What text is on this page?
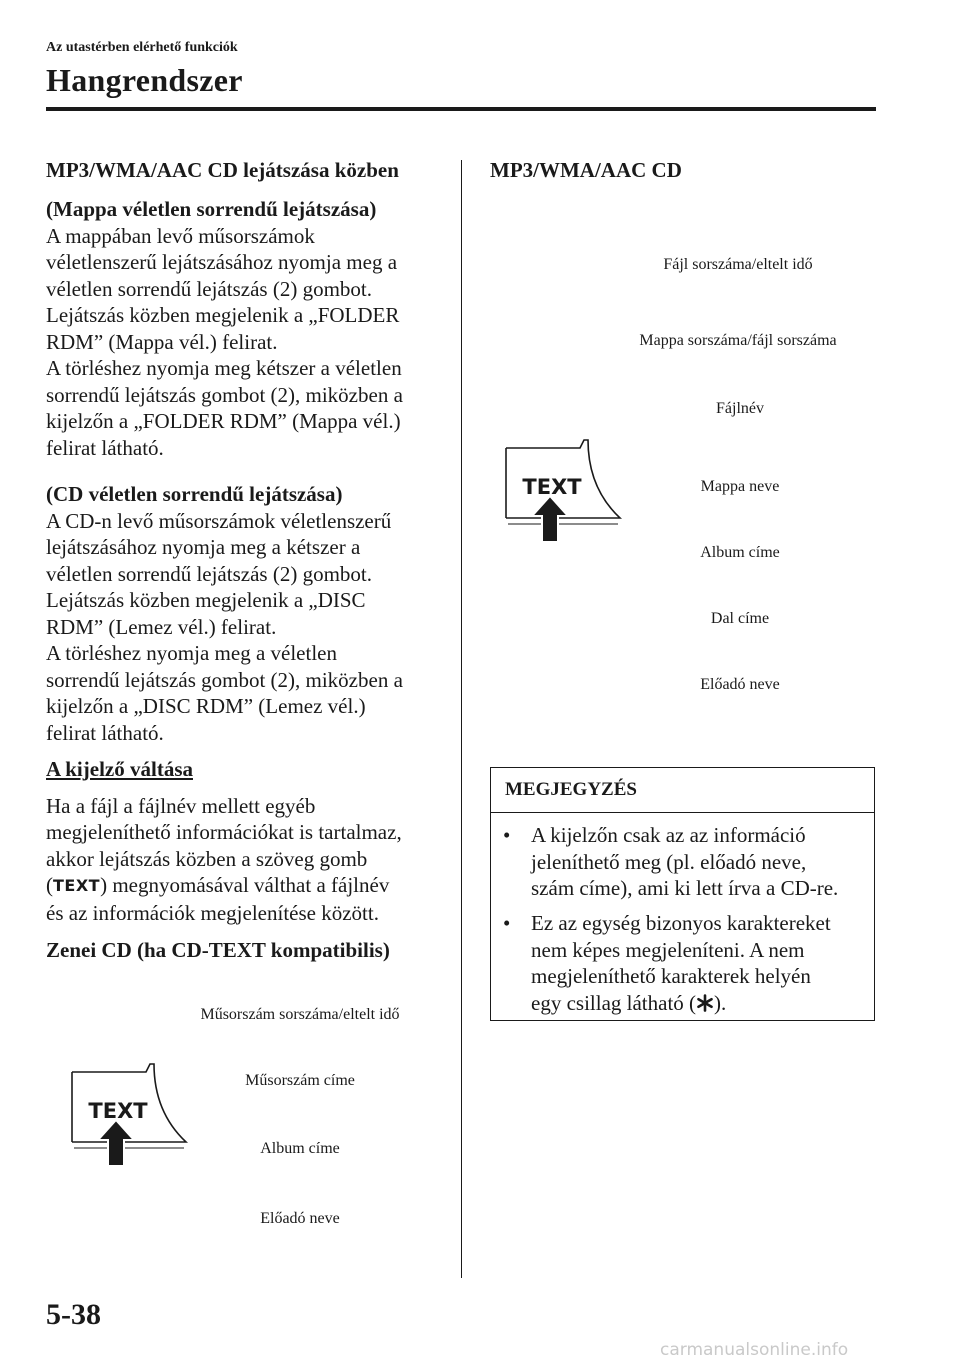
Az utastérben elérhető funkciók
Hangrendszer
MP3/WMA/AAC CD lejátszása közben

(Mappa véletlen sorrendű lejátszása)

A mappában levő műsorszámok

véletlenszerű lejátszásához nyomja meg a

véletlen sorrendű lejátszás (2) gombot.

Lejátszás közben megjelenik a „FOLDER

RDM” (Mappa vél.) felirat.

A törléshez nyomja meg kétszer a véletlen

sorrendű lejátszás gombot (2), miközben a

kijelzőn a „FOLDER RDM” (Mappa vél.)

felirat látható.

(CD véletlen sorrendű lejátszása)

A CD-n levő műsorszámok véletlenszerű

lejátszásához nyomja meg a kétszer a

véletlen sorrendű lejátszás (2) gombot.

Lejátszás közben megjelenik a „DISC

RDM” (Lemez vél.) felirat.

A törléshez nyomja meg a véletlen

sorrendű lejátszás gombot (2), miközben a

kijelzőn a „DISC RDM” (Lemez vél.)

felirat látható.

A kijelző váltása

Ha a fájl a fájlnév mellett egyéb

megjeleníthető információkat is tartalmaz,

akkor lejátszás közben a szöveg gomb

(TEXT) megnyomásával válthat a fájlnév

és az információk megjelenítése között.

Zenei CD (ha CD-TEXT kompatibilis)
Műsorszám sorszáma/eltelt idő
Műsorszám címe
Album címe
Előadó neve
TEXT
MP3/WMA/AAC CD
Fájl sorszáma/eltelt idő
Mappa sorszáma/fájl sorszáma
Fájlnév
Mappa neve
Album címe
Dal címe
Előadó neve
TEXT
MEGJEGYZÉS
• A kijelzőn csak az az információ
jeleníthető meg (pl. előadó neve,
szám címe), ami ki lett írva a CD-re.
• Ez az egység bizonyos karaktereket
nem képes megjeleníteni. A nem
megjeleníthető karakterek helyén
egy csillag látható ( ).
5-38
carmanualsonline.info
